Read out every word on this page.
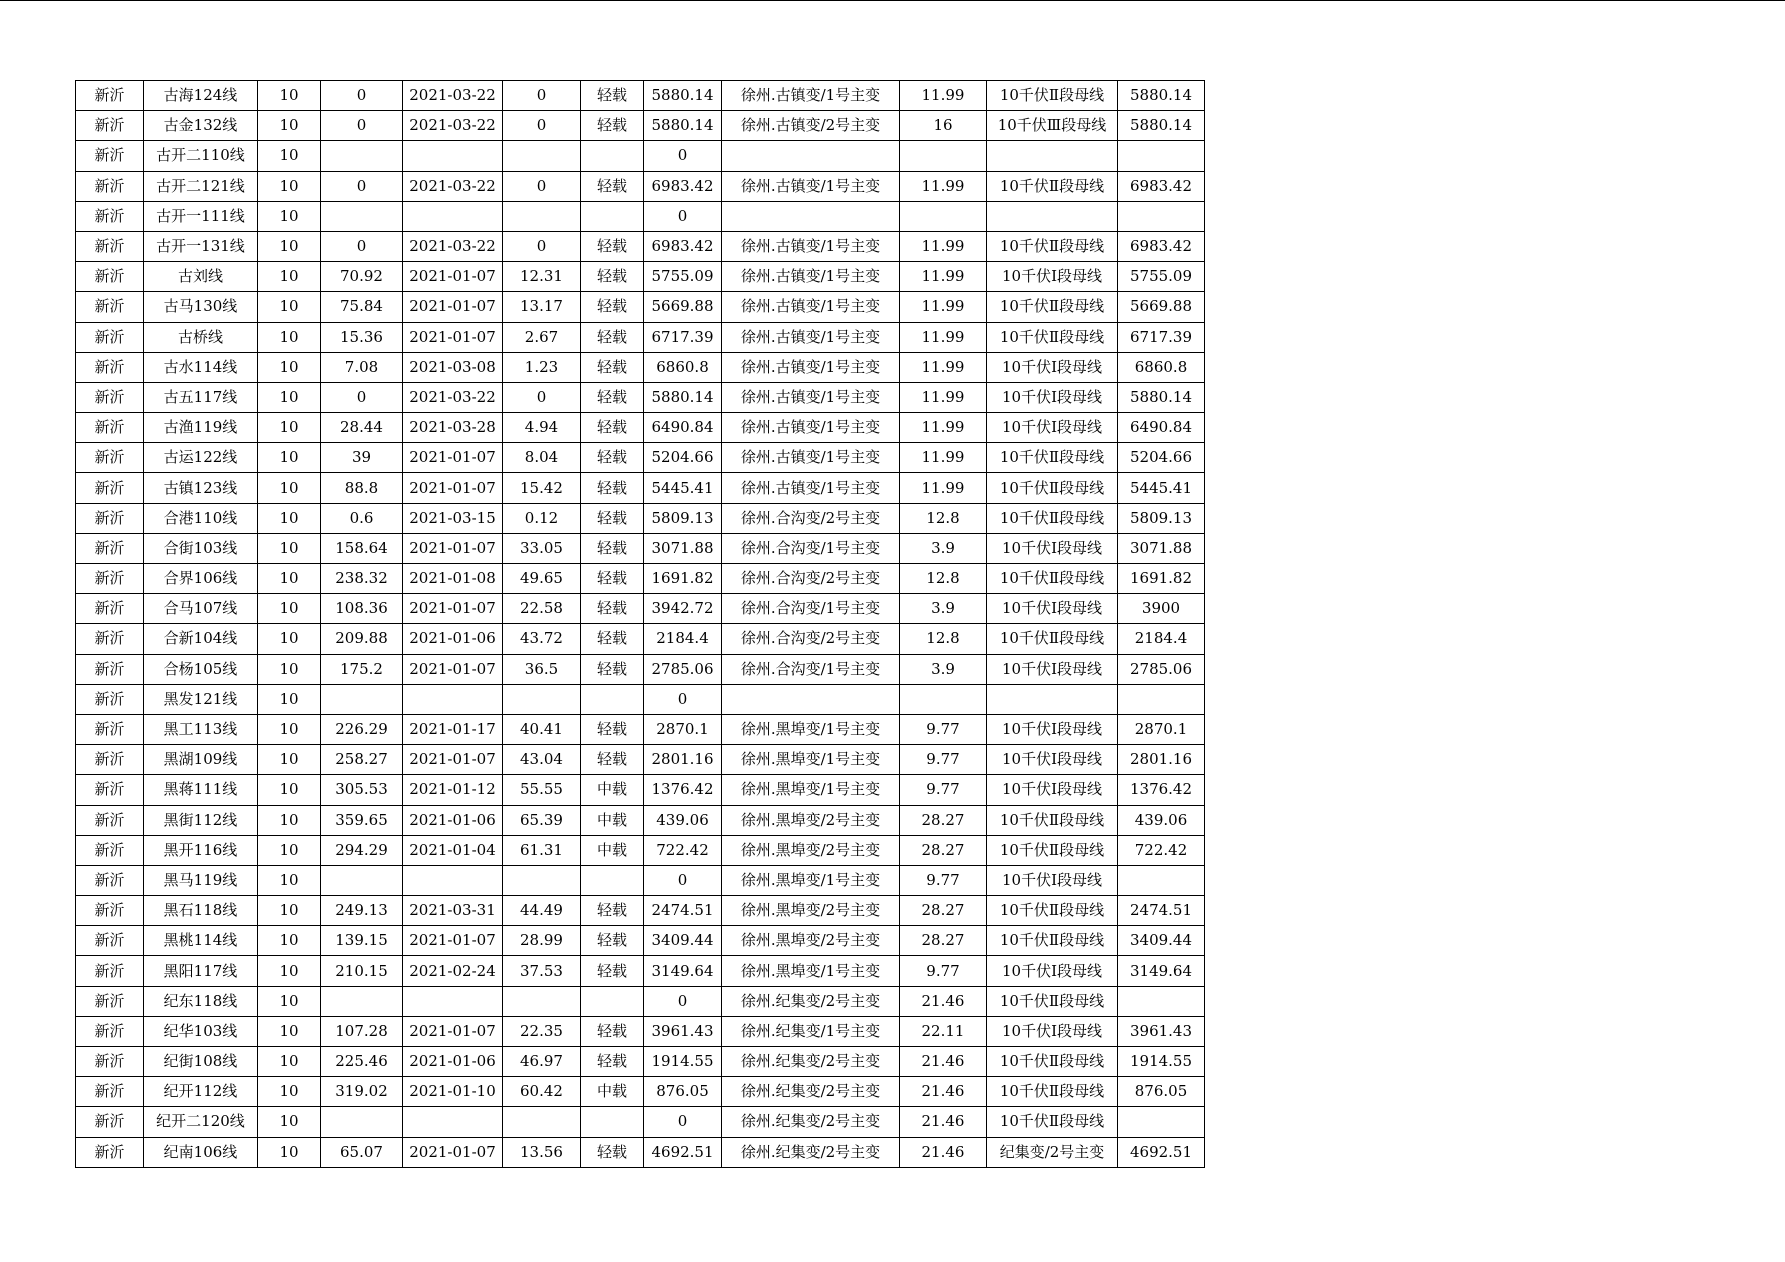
新沂	古海124线	10	0	2021-03-22	0	轻载	5880.14	徐州.古镇变/1号主变	11.99	10千伏Ⅱ段母线	5880.14
新沂	古金132线	10	0	2021-03-22	0	轻载	5880.14	徐州.古镇变/2号主变	16	10千伏Ⅲ段母线	5880.14
新沂	古开二110线	10					0				
新沂	古开二121线	10	0	2021-03-22	0	轻载	6983.42	徐州.古镇变/1号主变	11.99	10千伏Ⅱ段母线	6983.42
新沂	古开一111线	10					0				
新沂	古开一131线	10	0	2021-03-22	0	轻载	6983.42	徐州.古镇变/1号主变	11.99	10千伏Ⅱ段母线	6983.42
新沂	古刘线	10	70.92	2021-01-07	12.31	轻载	5755.09	徐州.古镇变/1号主变	11.99	10千伏Ⅰ段母线	5755.09
新沂	古马130线	10	75.84	2021-01-07	13.17	轻载	5669.88	徐州.古镇变/1号主变	11.99	10千伏Ⅱ段母线	5669.88
新沂	古桥线	10	15.36	2021-01-07	2.67	轻载	6717.39	徐州.古镇变/1号主变	11.99	10千伏Ⅱ段母线	6717.39
新沂	古水114线	10	7.08	2021-03-08	1.23	轻载	6860.8	徐州.古镇变/1号主变	11.99	10千伏Ⅰ段母线	6860.8
新沂	古五117线	10	0	2021-03-22	0	轻载	5880.14	徐州.古镇变/1号主变	11.99	10千伏Ⅰ段母线	5880.14
新沂	古渔119线	10	28.44	2021-03-28	4.94	轻载	6490.84	徐州.古镇变/1号主变	11.99	10千伏Ⅰ段母线	6490.84
新沂	古运122线	10	39	2021-01-07	8.04	轻载	5204.66	徐州.古镇变/1号主变	11.99	10千伏Ⅱ段母线	5204.66
新沂	古镇123线	10	88.8	2021-01-07	15.42	轻载	5445.41	徐州.古镇变/1号主变	11.99	10千伏Ⅱ段母线	5445.41
新沂	合港110线	10	0.6	2021-03-15	0.12	轻载	5809.13	徐州.合沟变/2号主变	12.8	10千伏Ⅱ段母线	5809.13
新沂	合街103线	10	158.64	2021-01-07	33.05	轻载	3071.88	徐州.合沟变/1号主变	3.9	10千伏Ⅰ段母线	3071.88
新沂	合界106线	10	238.32	2021-01-08	49.65	轻载	1691.82	徐州.合沟变/2号主变	12.8	10千伏Ⅱ段母线	1691.82
新沂	合马107线	10	108.36	2021-01-07	22.58	轻载	3942.72	徐州.合沟变/1号主变	3.9	10千伏Ⅰ段母线	3900
新沂	合新104线	10	209.88	2021-01-06	43.72	轻载	2184.4	徐州.合沟变/2号主变	12.8	10千伏Ⅱ段母线	2184.4
新沂	合杨105线	10	175.2	2021-01-07	36.5	轻载	2785.06	徐州.合沟变/1号主变	3.9	10千伏Ⅰ段母线	2785.06
新沂	黑发121线	10					0				
新沂	黑工113线	10	226.29	2021-01-17	40.41	轻载	2870.1	徐州.黑埠变/1号主变	9.77	10千伏Ⅰ段母线	2870.1
新沂	黑湖109线	10	258.27	2021-01-07	43.04	轻载	2801.16	徐州.黑埠变/1号主变	9.77	10千伏Ⅰ段母线	2801.16
新沂	黑蒋111线	10	305.53	2021-01-12	55.55	中载	1376.42	徐州.黑埠变/1号主变	9.77	10千伏Ⅰ段母线	1376.42
新沂	黑街112线	10	359.65	2021-01-06	65.39	中载	439.06	徐州.黑埠变/2号主变	28.27	10千伏Ⅱ段母线	439.06
新沂	黑开116线	10	294.29	2021-01-04	61.31	中载	722.42	徐州.黑埠变/2号主变	28.27	10千伏Ⅱ段母线	722.42
新沂	黑马119线	10					0	徐州.黑埠变/1号主变	9.77	10千伏Ⅰ段母线	
新沂	黑石118线	10	249.13	2021-03-31	44.49	轻载	2474.51	徐州.黑埠变/2号主变	28.27	10千伏Ⅱ段母线	2474.51
新沂	黑桃114线	10	139.15	2021-01-07	28.99	轻载	3409.44	徐州.黑埠变/2号主变	28.27	10千伏Ⅱ段母线	3409.44
新沂	黑阳117线	10	210.15	2021-02-24	37.53	轻载	3149.64	徐州.黑埠变/1号主变	9.77	10千伏Ⅰ段母线	3149.64
新沂	纪东118线	10					0	徐州.纪集变/2号主变	21.46	10千伏Ⅱ段母线	
新沂	纪华103线	10	107.28	2021-01-07	22.35	轻载	3961.43	徐州.纪集变/1号主变	22.11	10千伏Ⅰ段母线	3961.43
新沂	纪街108线	10	225.46	2021-01-06	46.97	轻载	1914.55	徐州.纪集变/2号主变	21.46	10千伏Ⅱ段母线	1914.55
新沂	纪开112线	10	319.02	2021-01-10	60.42	中载	876.05	徐州.纪集变/2号主变	21.46	10千伏Ⅱ段母线	876.05
新沂	纪开二120线	10					0	徐州.纪集变/2号主变	21.46	10千伏Ⅱ段母线	
新沂	纪南106线	10	65.07	2021-01-07	13.56	轻载	4692.51	徐州.纪集变/2号主变	21.46	纪集变/2号主变	4692.51
